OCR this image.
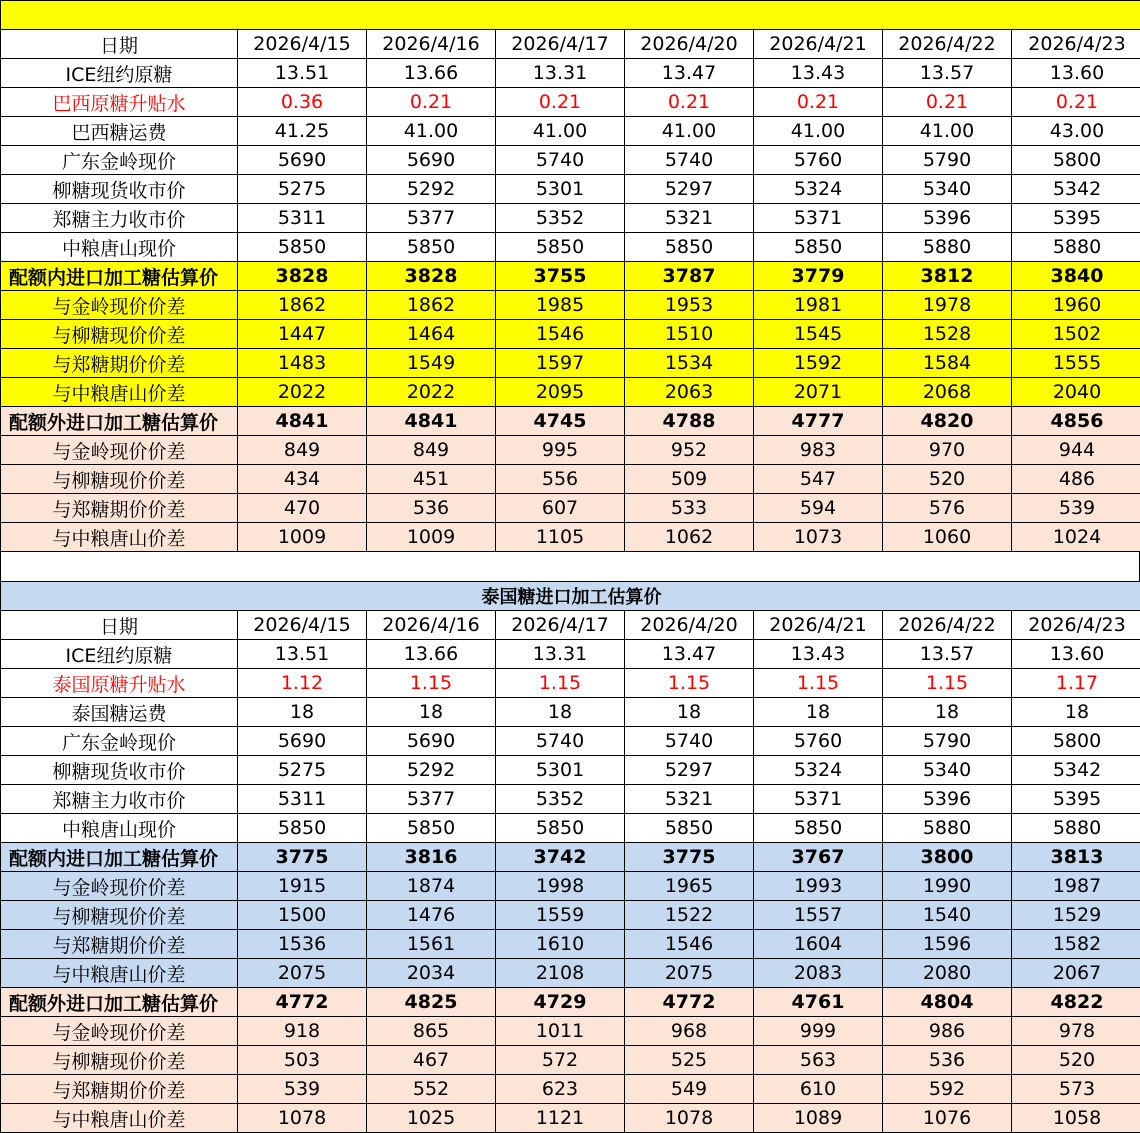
日期	2026/4/15	2026/4/16	2026/4/17	2026/4/20	2026/4/21	2026/4/22	2026/4/23
ICE纽约原糖	13.51	13.66	13.31	13.47	13.43	13.57	13.60
巴西原糖升贴水	0.36	0.21	0.21	0.21	0.21	0.21	0.21
巴西糖运费	41.25	41.00	41.00	41.00	41.00	41.00	43.00
广东金岭现价	5690	5690	5740	5740	5760	5790	5800
柳糖现货收市价	5275	5292	5301	5297	5324	5340	5342
郑糖主力收市价	5311	5377	5352	5321	5371	5396	5395
中粮唐山现价	5850	5850	5850	5850	5850	5880	5880
配额内进口加工糖估算价	3828	3828	3755	3787	3779	3812	3840
与金岭现价价差	1862	1862	1985	1953	1981	1978	1960
与柳糖现价价差	1447	1464	1546	1510	1545	1528	1502
与郑糖期价价差	1483	1549	1597	1534	1592	1584	1555
与中粮唐山价差	2022	2022	2095	2063	2071	2068	2040
配额外进口加工糖估算价	4841	4841	4745	4788	4777	4820	4856
与金岭现价价差	849	849	995	952	983	970	944
与柳糖现价价差	434	451	556	509	547	520	486
与郑糖期价价差	470	536	607	533	594	576	539
与中粮唐山价差	1009	1009	1105	1062	1073	1060	1024
泰国糖进口加工估算价							
日期	2026/4/15	2026/4/16	2026/4/17	2026/4/20	2026/4/21	2026/4/22	2026/4/23
ICE纽约原糖	13.51	13.66	13.31	13.47	13.43	13.57	13.60
泰国原糖升贴水	1.12	1.15	1.15	1.15	1.15	1.15	1.17
泰国糖运费	18	18	18	18	18	18	18
广东金岭现价	5690	5690	5740	5740	5760	5790	5800
柳糖现货收市价	5275	5292	5301	5297	5324	5340	5342
郑糖主力收市价	5311	5377	5352	5321	5371	5396	5395
中粮唐山现价	5850	5850	5850	5850	5850	5880	5880
配额内进口加工糖估算价	3775	3816	3742	3775	3767	3800	3813
与金岭现价价差	1915	1874	1998	1965	1993	1990	1987
与柳糖现价价差	1500	1476	1559	1522	1557	1540	1529
与郑糖期价价差	1536	1561	1610	1546	1604	1596	1582
与中粮唐山价差	2075	2034	2108	2075	2083	2080	2067
配额外进口加工糖估算价	4772	4825	4729	4772	4761	4804	4822
与金岭现价价差	918	865	1011	968	999	986	978
与柳糖现价价差	503	467	572	525	563	536	520
与郑糖期价价差	539	552	623	549	610	592	573
与中粮唐山价差	1078	1025	1121	1078	1089	1076	1058
